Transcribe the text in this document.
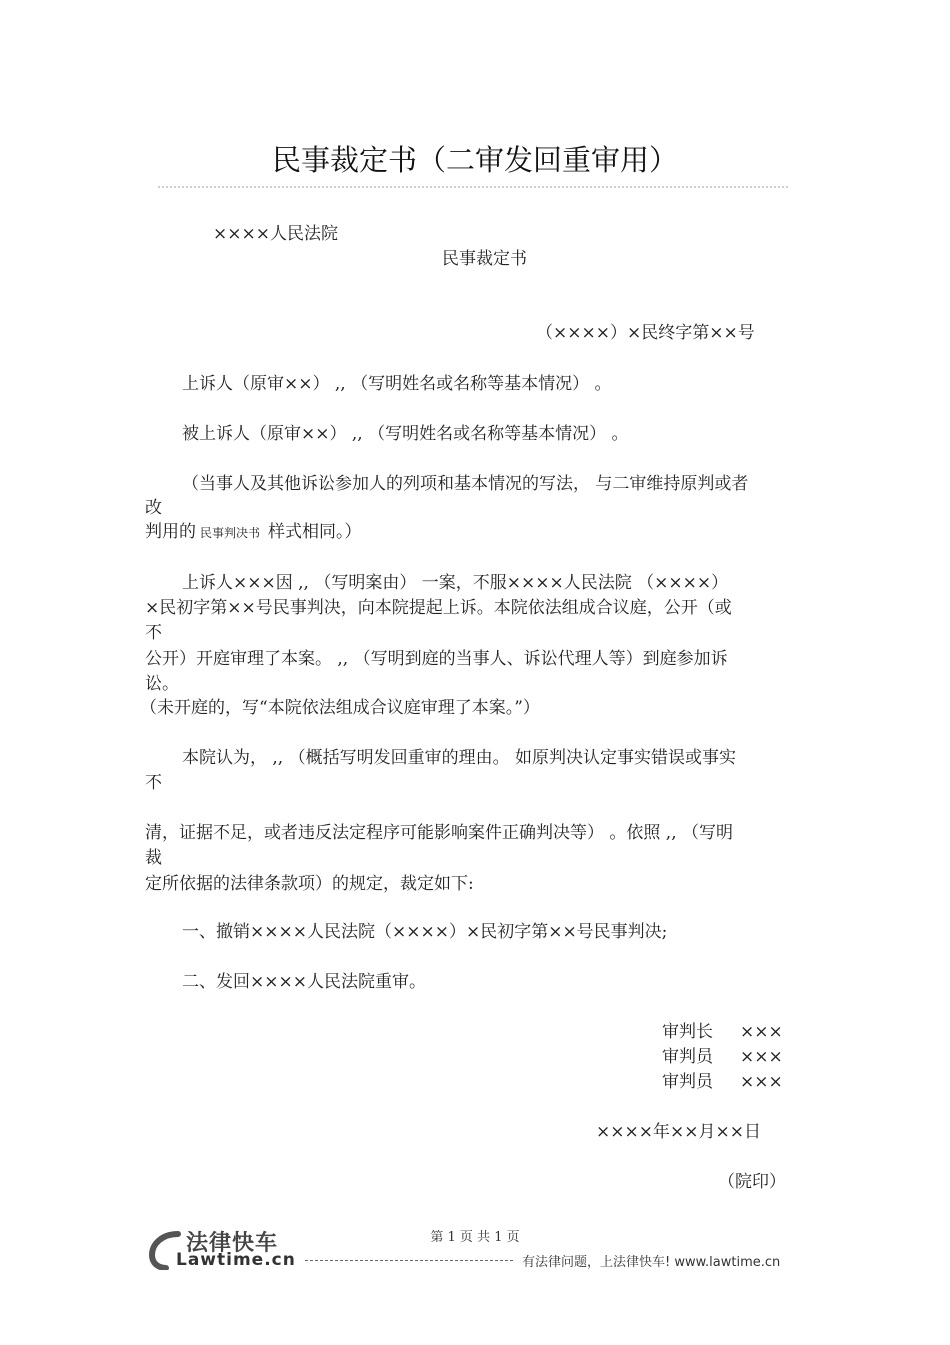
民事裁定书（二审发回重审用）
××××人民法院
民事裁定书
（××××）×民终字第××号
上诉人（原审××） ,, （写明姓名或名称等基本情况） 。
被上诉人（原审××） ,, （写明姓名或名称等基本情况） 。
（当事人及其他诉讼参加人的列项和基本情况的写法， 与二审维持原判或者
改
判用的 民事判决书 样式相同。）
上诉人×××因 ,, （写明案由） 一案，不服××××人民法院 （××××）
×民初字第××号民事判决，向本院提起上诉。本院依法组成合议庭，公开（或
不
公开）开庭审理了本案。 ,, （写明到庭的当事人、诉讼代理人等）到庭参加诉
讼。
（未开庭的，写“本院依法组成合议庭审理了本案。”）
本院认为， ,, （概括写明发回重审的理由。 如原判决认定事实错误或事实
不
清，证据不足，或者违反法定程序可能影响案件正确判决等） 。依照 ,, （写明
裁
定所依据的法律条款项）的规定，裁定如下:
一、撤销××××人民法院（××××）×民初字第××号民事判决;
二、发回××××人民法院重审。
审判长 ×××
审判员 ×××
审判员 ×××
××××年××月××日
（院印）
法律快车
Lawtime.cn
第 1 页 共 1 页
有法律问题，上法律快车! www.lawtime.cn
